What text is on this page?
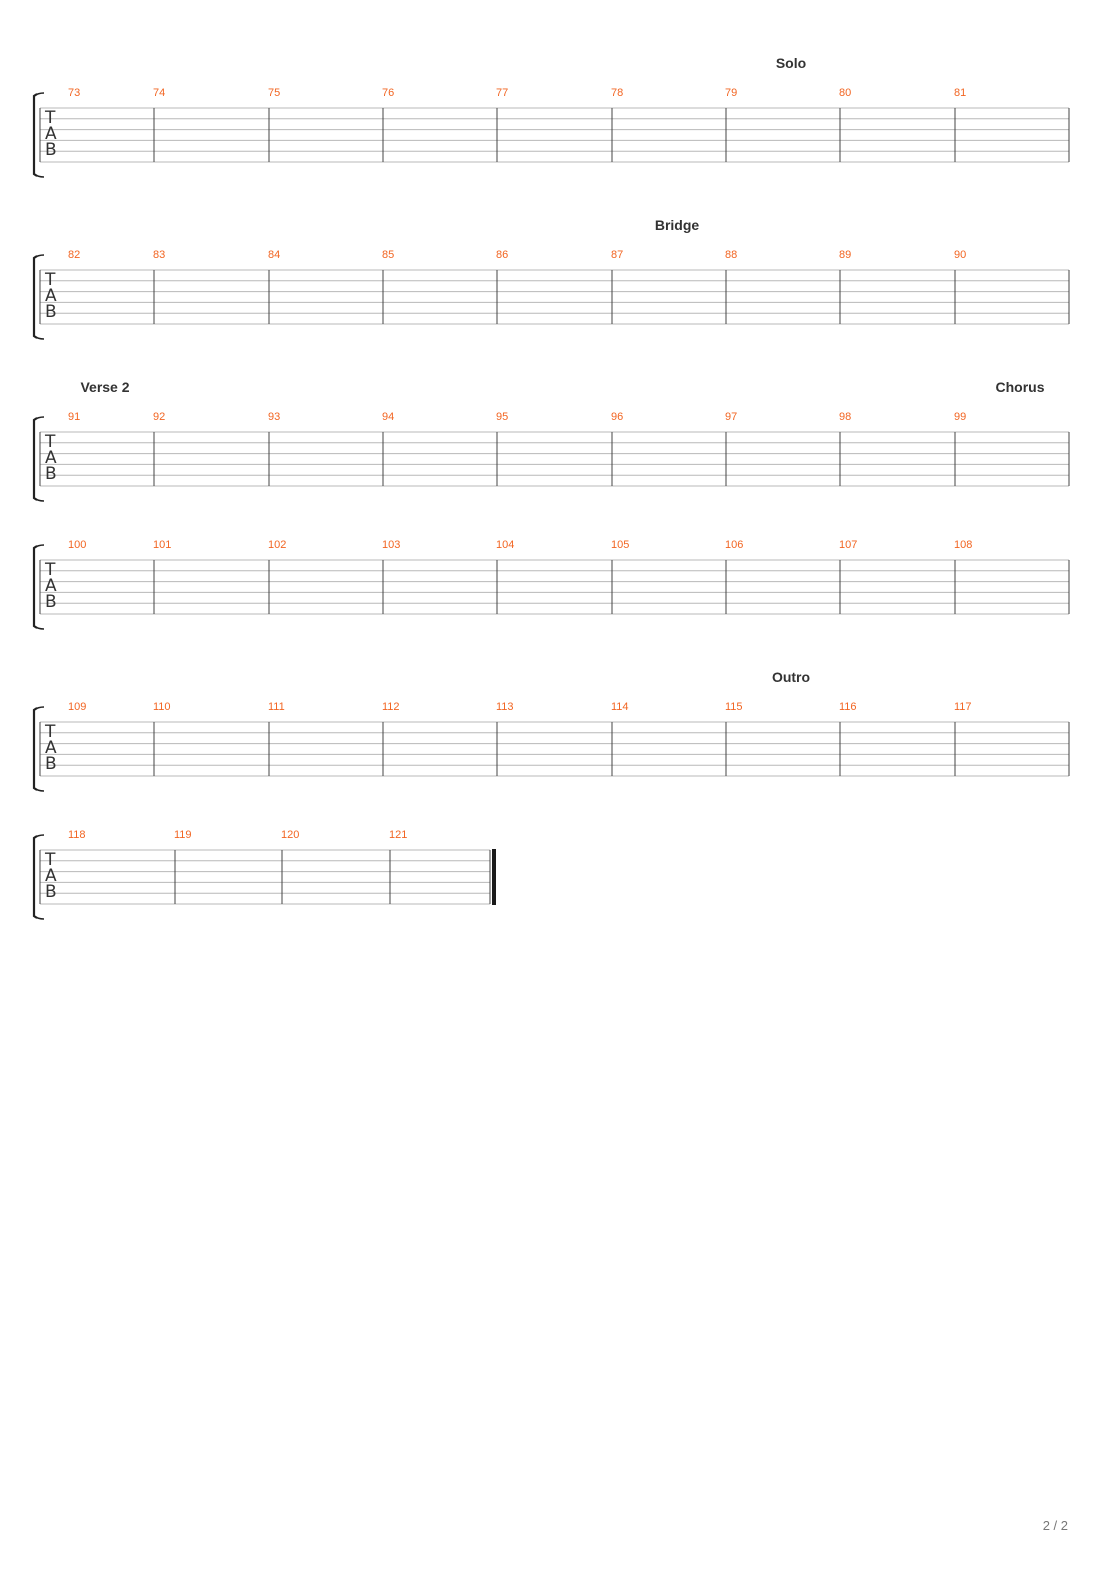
T
A
B
73	74	75	76	77	78	79	80	81
Solo
T
A
B
82	83	84	85	86	87	88	89	90
Bridge
T
A
B
91	92	93	94	95	96	97	98	99
Verse 2	Chorus
T
A
B
100	101	102	103	104	105	106	107	108
T
A
B
109	110	111	112	113	114	115	116	117
Outro
T
A
B
118	119	120	121
2 / 2
